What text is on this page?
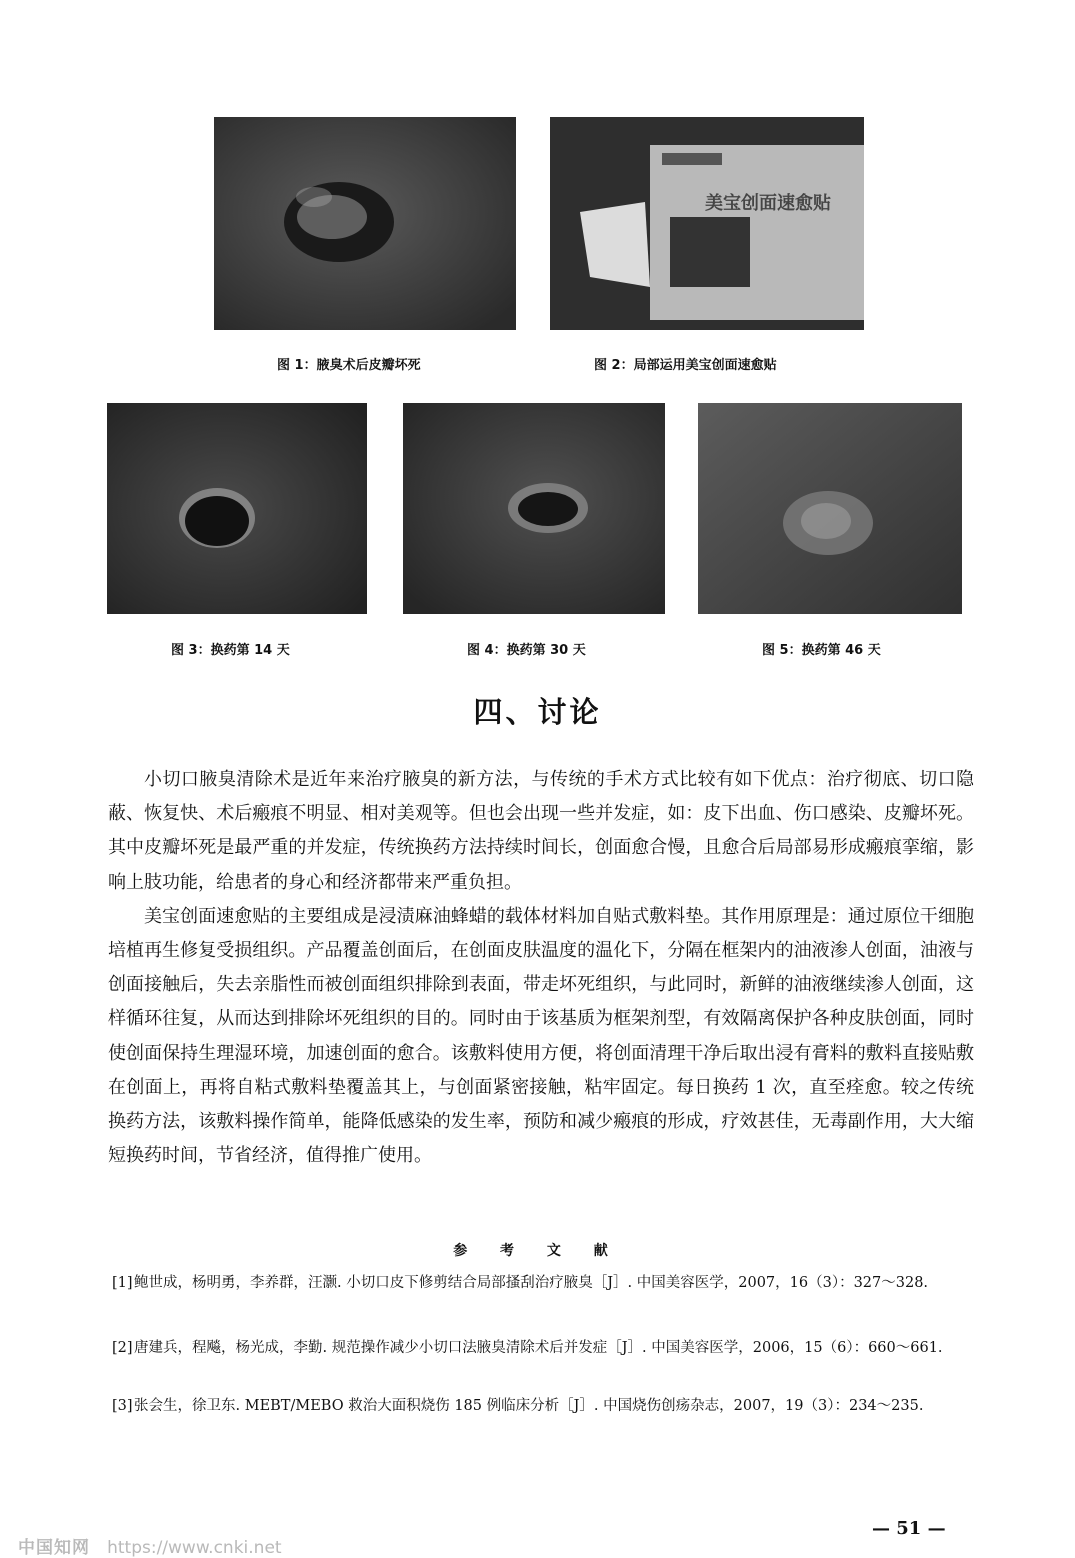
图 1：腋臭术后皮瓣坏死
美宝创面速愈贴
图 2：局部运用美宝创面速愈贴
图 3：换药第 14 天	图 4：换药第 30 天	图 5：换药第 46 天
四、讨论

小切口腋臭清除术是近年来治疗腋臭的新方法，与传统的手术方式比较有如下优点：治疗彻底、切口隐蔽、恢复快、术后瘢痕不明显、相对美观等。但也会出现一些并发症，如：皮下出血、伤口感染、皮瓣坏死。其中皮瓣坏死是最严重的并发症，传统换药方法持续时间长，创面愈合慢，且愈合后局部易形成瘢痕挛缩，影响上肢功能，给患者的身心和经济都带来严重负担。

美宝创面速愈贴的主要组成是浸渍麻油蜂蜡的载体材料加自贴式敷料垫。其作用原理是：通过原位干细胞培植再生修复受损组织。产品覆盖创面后，在创面皮肤温度的温化下，分隔在框架内的油液渗人创面，油液与创面接触后，失去亲脂性而被创面组织排除到表面，带走坏死组织，与此同时，新鲜的油液继续渗人创面，这样循环往复，从而达到排除坏死组织的目的。同时由于该基质为框架剂型，有效隔离保护各种皮肤创面，同时使创面保持生理湿环境，加速创面的愈合。该敷料使用方便，将创面清理干净后取出浸有膏料的敷料直接贴敷在创面上，再将自粘式敷料垫覆盖其上，与创面紧密接触，粘牢固定。每日换药 1 次，直至痊愈。较之传统换药方法，该敷料操作简单，能降低感染的发生率，预防和减少瘢痕的形成，疗效甚佳，无毒副作用，大大缩短换药时间，节省经济，值得推广使用。

参 考 文 献
[1] 鲍世成，杨明勇，李养群，汪灏. 小切口皮下修剪结合局部搔刮治疗腋臭［J］. 中国美容医学，2007，16（3）：327～328.
[2] 唐建兵，程飚，杨光成，李勤. 规范操作减少小切口法腋臭清除术后并发症［J］. 中国美容医学，2006，15（6）：660～661.
[3] 张会生，徐卫东. MEBT/MEBO 救治大面积烧伤 185 例临床分析［J］. 中国烧伤创疡杂志，2007，19（3）：234～235.
— 51 —
中国知网 https://www.cnki.net
